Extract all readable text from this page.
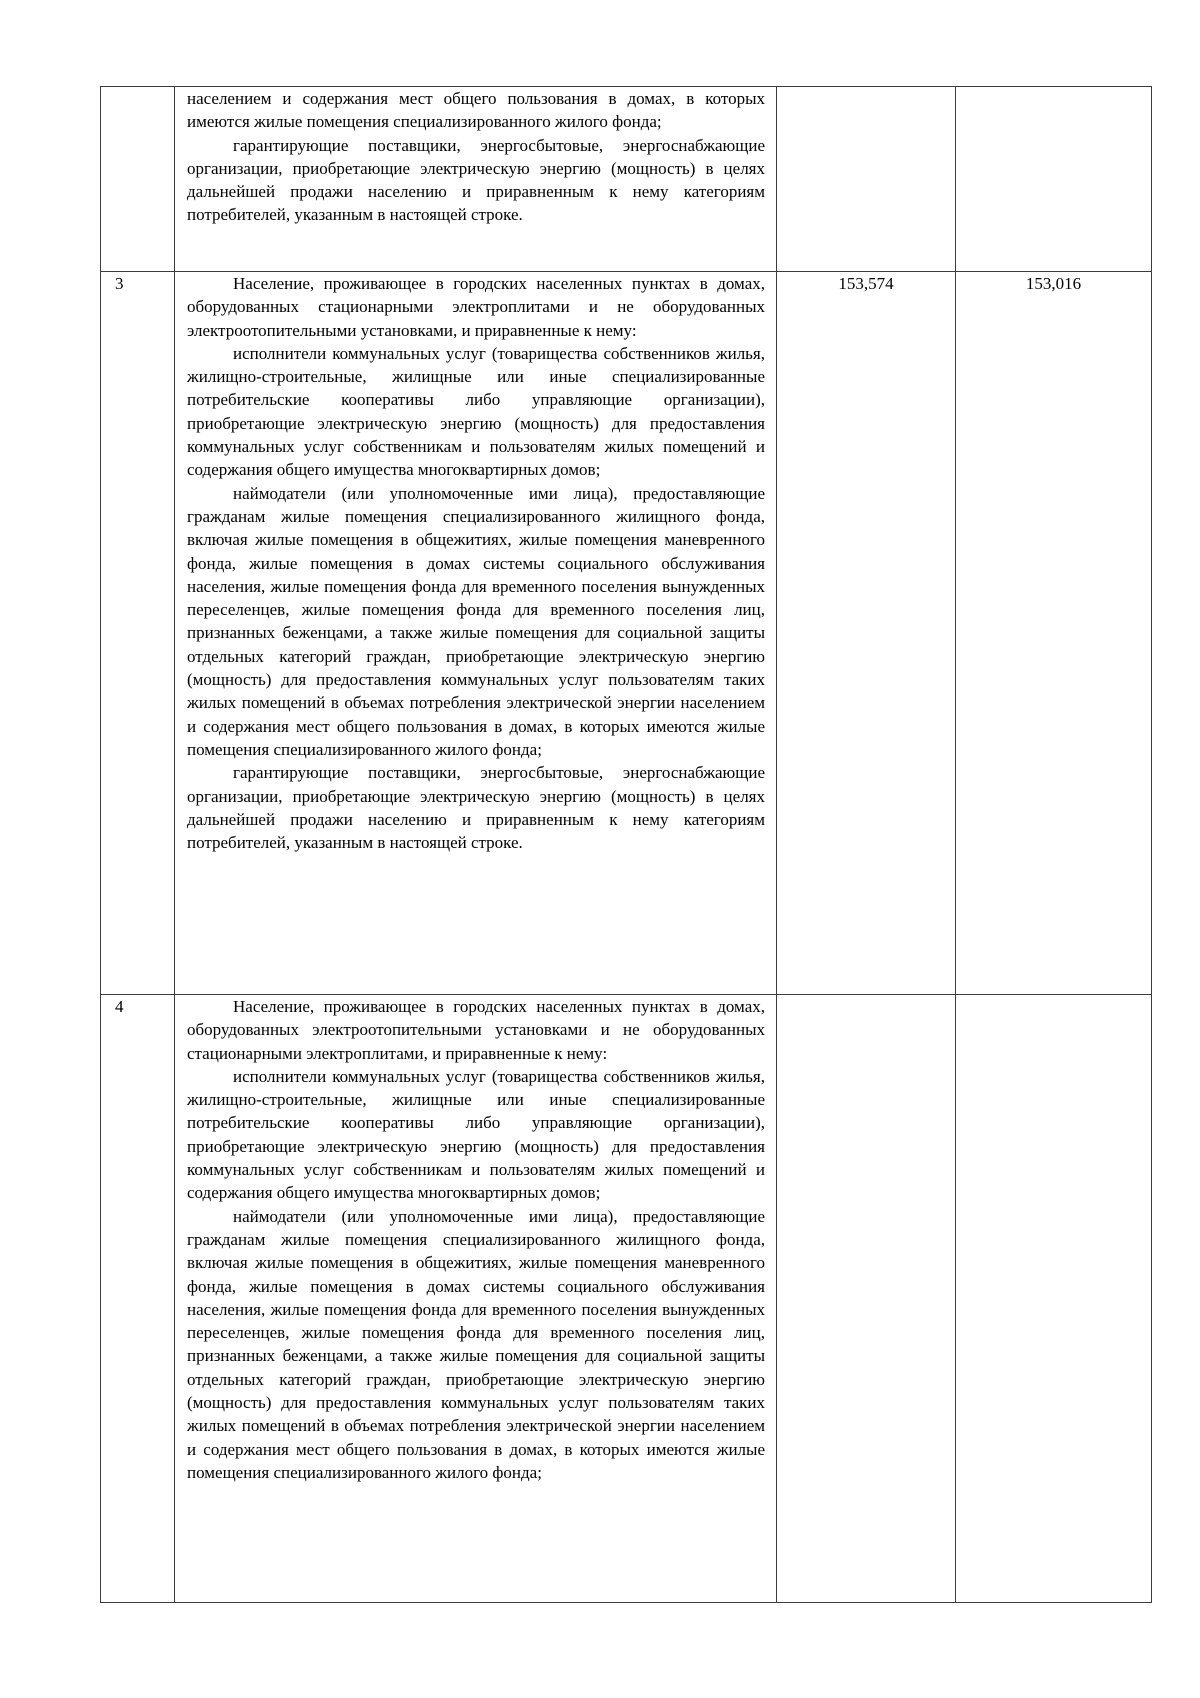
	населением и содержания мест общего пользования в домах, в которых имеются жилые помещения специализированного жилого фонда;

гарантирующие поставщики, энергосбытовые, энергоснабжающие организации, приобретающие электрическую энергию (мощность) в целях дальнейшей продажи населению и приравненным к нему категориям потребителей, указанным в настоящей строке.		

3	Население, проживающее в городских населенных пунктах в домах, оборудованных стационарными электроплитами и не оборудованных электроотопительными установками, и приравненные к нему:

исполнители коммунальных услуг (товарищества собственников жилья, жилищно-строительные, жилищные или иные специализированные потребительские кооперативы либо управляющие организации), приобретающие электрическую энергию (мощность) для предоставления коммунальных услуг собственникам и пользователям жилых помещений и содержания общего имущества многоквартирных домов;

наймодатели (или уполномоченные ими лица), предоставляющие гражданам жилые помещения специализированного жилищного фонда, включая жилые помещения в общежитиях, жилые помещения маневренного фонда, жилые помещения в домах системы социального обслуживания населения, жилые помещения фонда для временного поселения вынужденных переселенцев, жилые помещения фонда для временного поселения лиц, признанных беженцами, а также жилые помещения для социальной защиты отдельных категорий граждан, приобретающие электрическую энергию (мощность) для предоставления коммунальных услуг пользователям таких жилых помещений в объемах потребления электрической энергии населением и содержания мест общего пользования в домах, в которых имеются жилые помещения специализированного жилого фонда;

гарантирующие поставщики, энергосбытовые, энергоснабжающие организации, приобретающие электрическую энергию (мощность) в целях дальнейшей продажи населению и приравненным к нему категориям потребителей, указанным в настоящей строке.	153,574	153,016
4	Население, проживающее в городских населенных пунктах в домах, оборудованных электроотопительными установками и не оборудованных стационарными электроплитами, и приравненные к нему:

исполнители коммунальных услуг (товарищества собственников жилья, жилищно-строительные, жилищные или иные специализированные потребительские кооперативы либо управляющие организации), приобретающие электрическую энергию (мощность) для предоставления коммунальных услуг собственникам и пользователям жилых помещений и содержания общего имущества многоквартирных домов;

наймодатели (или уполномоченные ими лица), предоставляющие гражданам жилые помещения специализированного жилищного фонда, включая жилые помещения в общежитиях, жилые помещения маневренного фонда, жилые помещения в домах системы социального обслуживания населения, жилые помещения фонда для временного поселения вынужденных переселенцев, жилые помещения фонда для временного поселения лиц, признанных беженцами, а также жилые помещения для социальной защиты отдельных категорий граждан, приобретающие электрическую энергию (мощность) для предоставления коммунальных услуг пользователям таких жилых помещений в объемах потребления электрической энергии населением и содержания мест общего пользования в домах, в которых имеются жилые помещения специализированного жилого фонда;		
